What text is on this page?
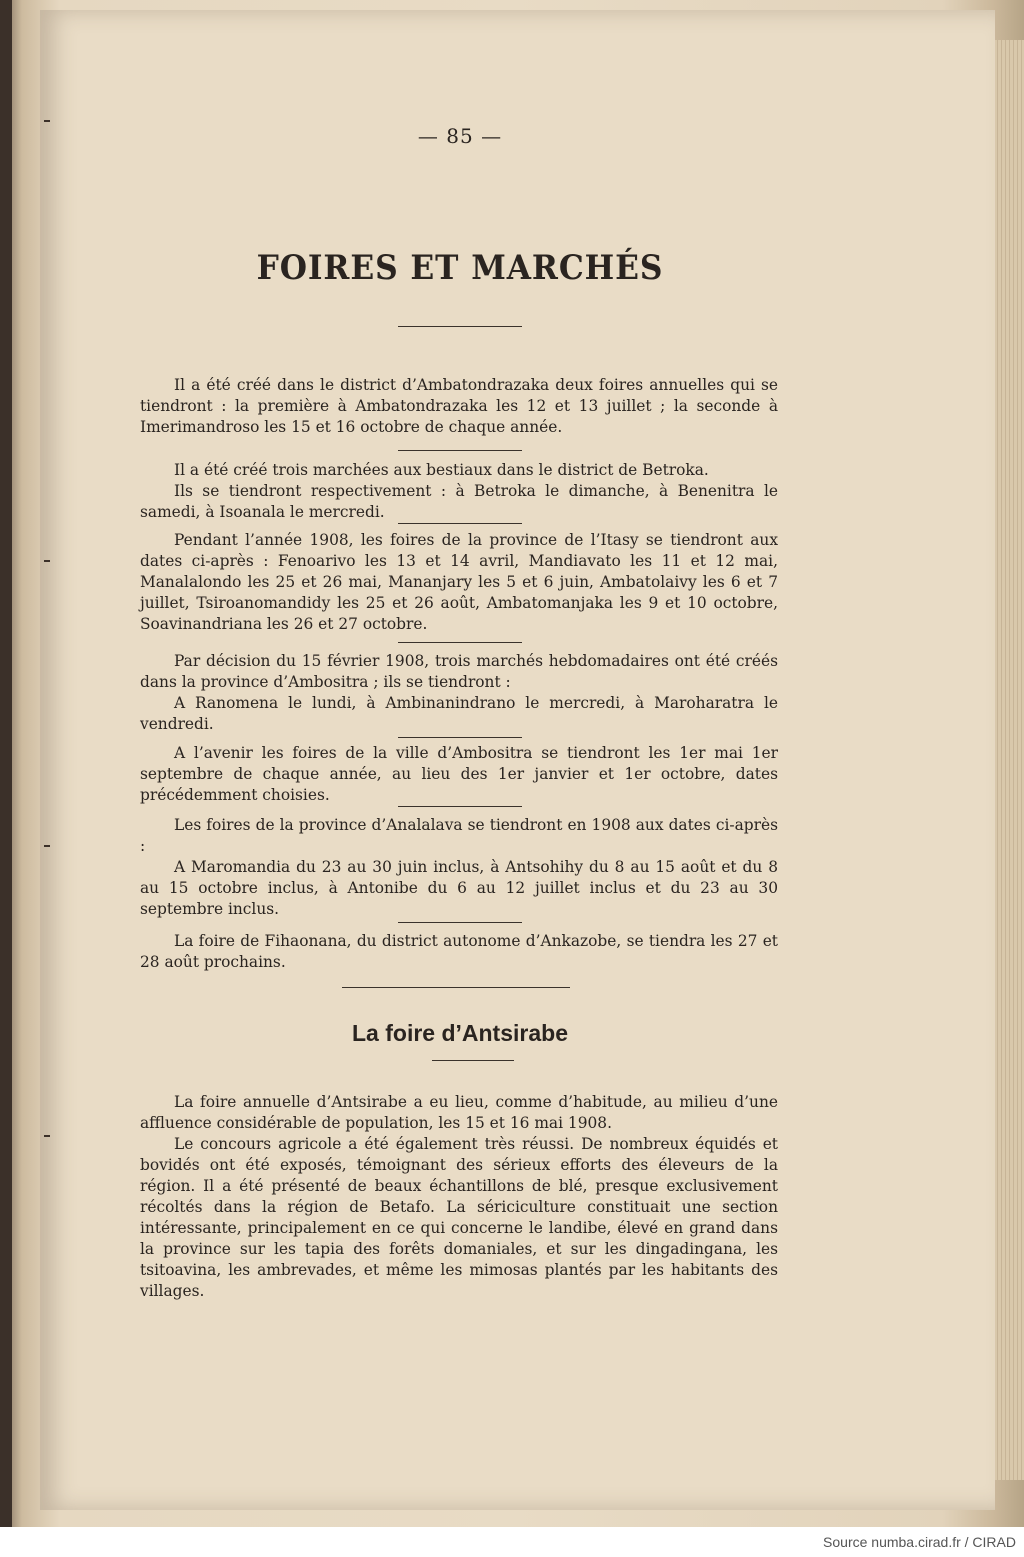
— 85 —
FOIRES ET MARCHÉS

Il a été créé dans le district d’Ambatondrazaka deux foires annuelles qui se tiendront : la première à Ambatondrazaka les 12 et 13 juillet ; la seconde à Imerimandroso les 15 et 16 octobre de chaque année.

Il a été créé trois marchées aux bestiaux dans le district de Betroka.
Ils se tiendront respectivement : à Betroka le dimanche, à Benenitra le samedi, à Isoanala le mercredi.

Pendant l’année 1908, les foires de la province de l’Itasy se tiendront aux dates ci-après : Fenoarivo les 13 et 14 avril, Mandiavato les 11 et 12 mai, Manalalondo les 25 et 26 mai, Mananjary les 5 et 6 juin, Ambatolaivy les 6 et 7 juillet, Tsiroanomandidy les 25 et 26 août, Ambatomanjaka les 9 et 10 octobre, Soavinandriana les 26 et 27 octobre.

Par décision du 15 février 1908, trois marchés hebdomadaires ont été créés dans la province d’Ambositra ; ils se tiendront :
A Ranomena le lundi, à Ambinanindrano le mercredi, à Maroharatra le vendredi.

A l’avenir les foires de la ville d’Ambositra se tiendront les 1er mai 1er septembre de chaque année, au lieu des 1er janvier et 1er octobre, dates précédemment choisies.

Les foires de la province d’Analalava se tiendront en 1908 aux dates ci-après :
A Maromandia du 23 au 30 juin inclus, à Antsohihy du 8 au 15 août et du 8 au 15 octobre inclus, à Antonibe du 6 au 12 juillet inclus et du 23 au 30 septembre inclus.

La foire de Fihaonana, du district autonome d’Ankazobe, se tiendra les 27 et 28 août prochains.

La foire d’Antsirabe

La foire annuelle d’Antsirabe a eu lieu, comme d’habitude, au milieu d’une affluence considérable de population, les 15 et 16 mai 1908.
Le concours agricole a été également très réussi. De nombreux équidés et bovidés ont été exposés, témoignant des sérieux efforts des éleveurs de la région. Il a été présenté de beaux échantillons de blé, presque exclusivement récoltés dans la région de Betafo. La sériciculture constituait une section intéressante, principalement en ce qui concerne le landibe, élevé en grand dans la province sur les tapia des forêts domaniales, et sur les dingadingana, les tsitoavina, les ambrevades, et même les mimosas plantés par les habitants des villages.

Source numba.cirad.fr / CIRAD
